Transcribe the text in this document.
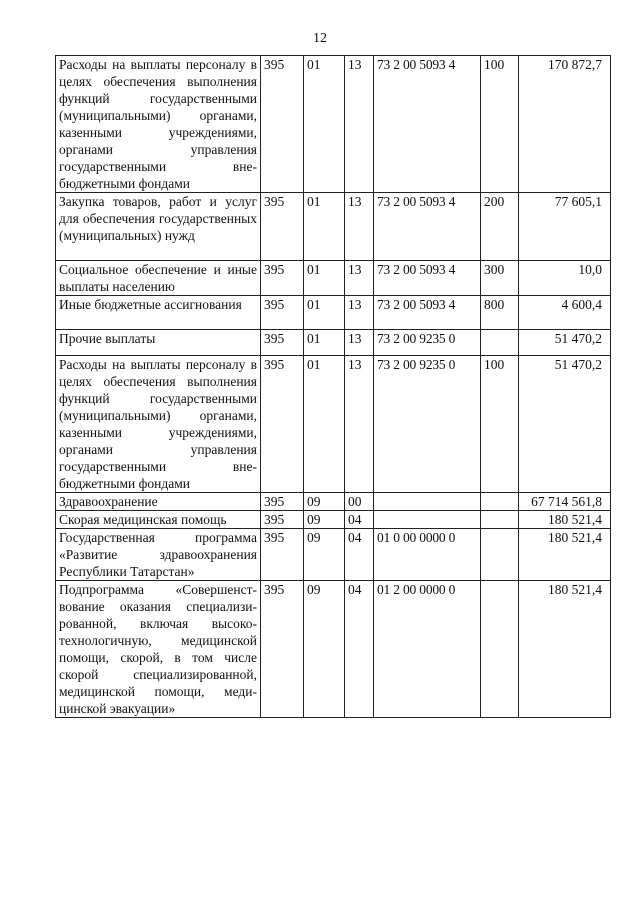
12
Расходы на выплаты персоналу в целях обеспечения выполнения функций государственными (муниципальными) органами, казенными учреждениями, органами управления государственными внебюджетными фондами	395	01	13	73 2 00 5093 4	100	170 872,7
Закупка товаров, работ и услуг для обеспечения государственных (муниципальных) нужд	395	01	13	73 2 00 5093 4	200	77 605,1
Социальное обеспечение и иные выплаты населению	395	01	13	73 2 00 5093 4	300	10,0
Иные бюджетные ассигнования	395	01	13	73 2 00 5093 4	800	4 600,4
Прочие выплаты	395	01	13	73 2 00 9235 0		51 470,2
Расходы на выплаты персоналу в целях обеспечения выполнения функций государственными (муниципальными) органами, казенными учреждениями, органами управления государственными внебюджетными фондами	395	01	13	73 2 00 9235 0	100	51 470,2
Здравоохранение	395	09	00			67 714 561,8
Скорая медицинская помощь	395	09	04			180 521,4
Государственная программа «Развитие здравоохранения Республики Татарстан»	395	09	04	01 0 00 0000 0		180 521,4
Подпрограмма «Совершенствование оказания специализированной, включая высокотехнологичную, медицинской помощи, скорой, в том числе скорой специализированной, медицинской помощи, медицинской эвакуации»	395	09	04	01 2 00 0000 0		180 521,4
